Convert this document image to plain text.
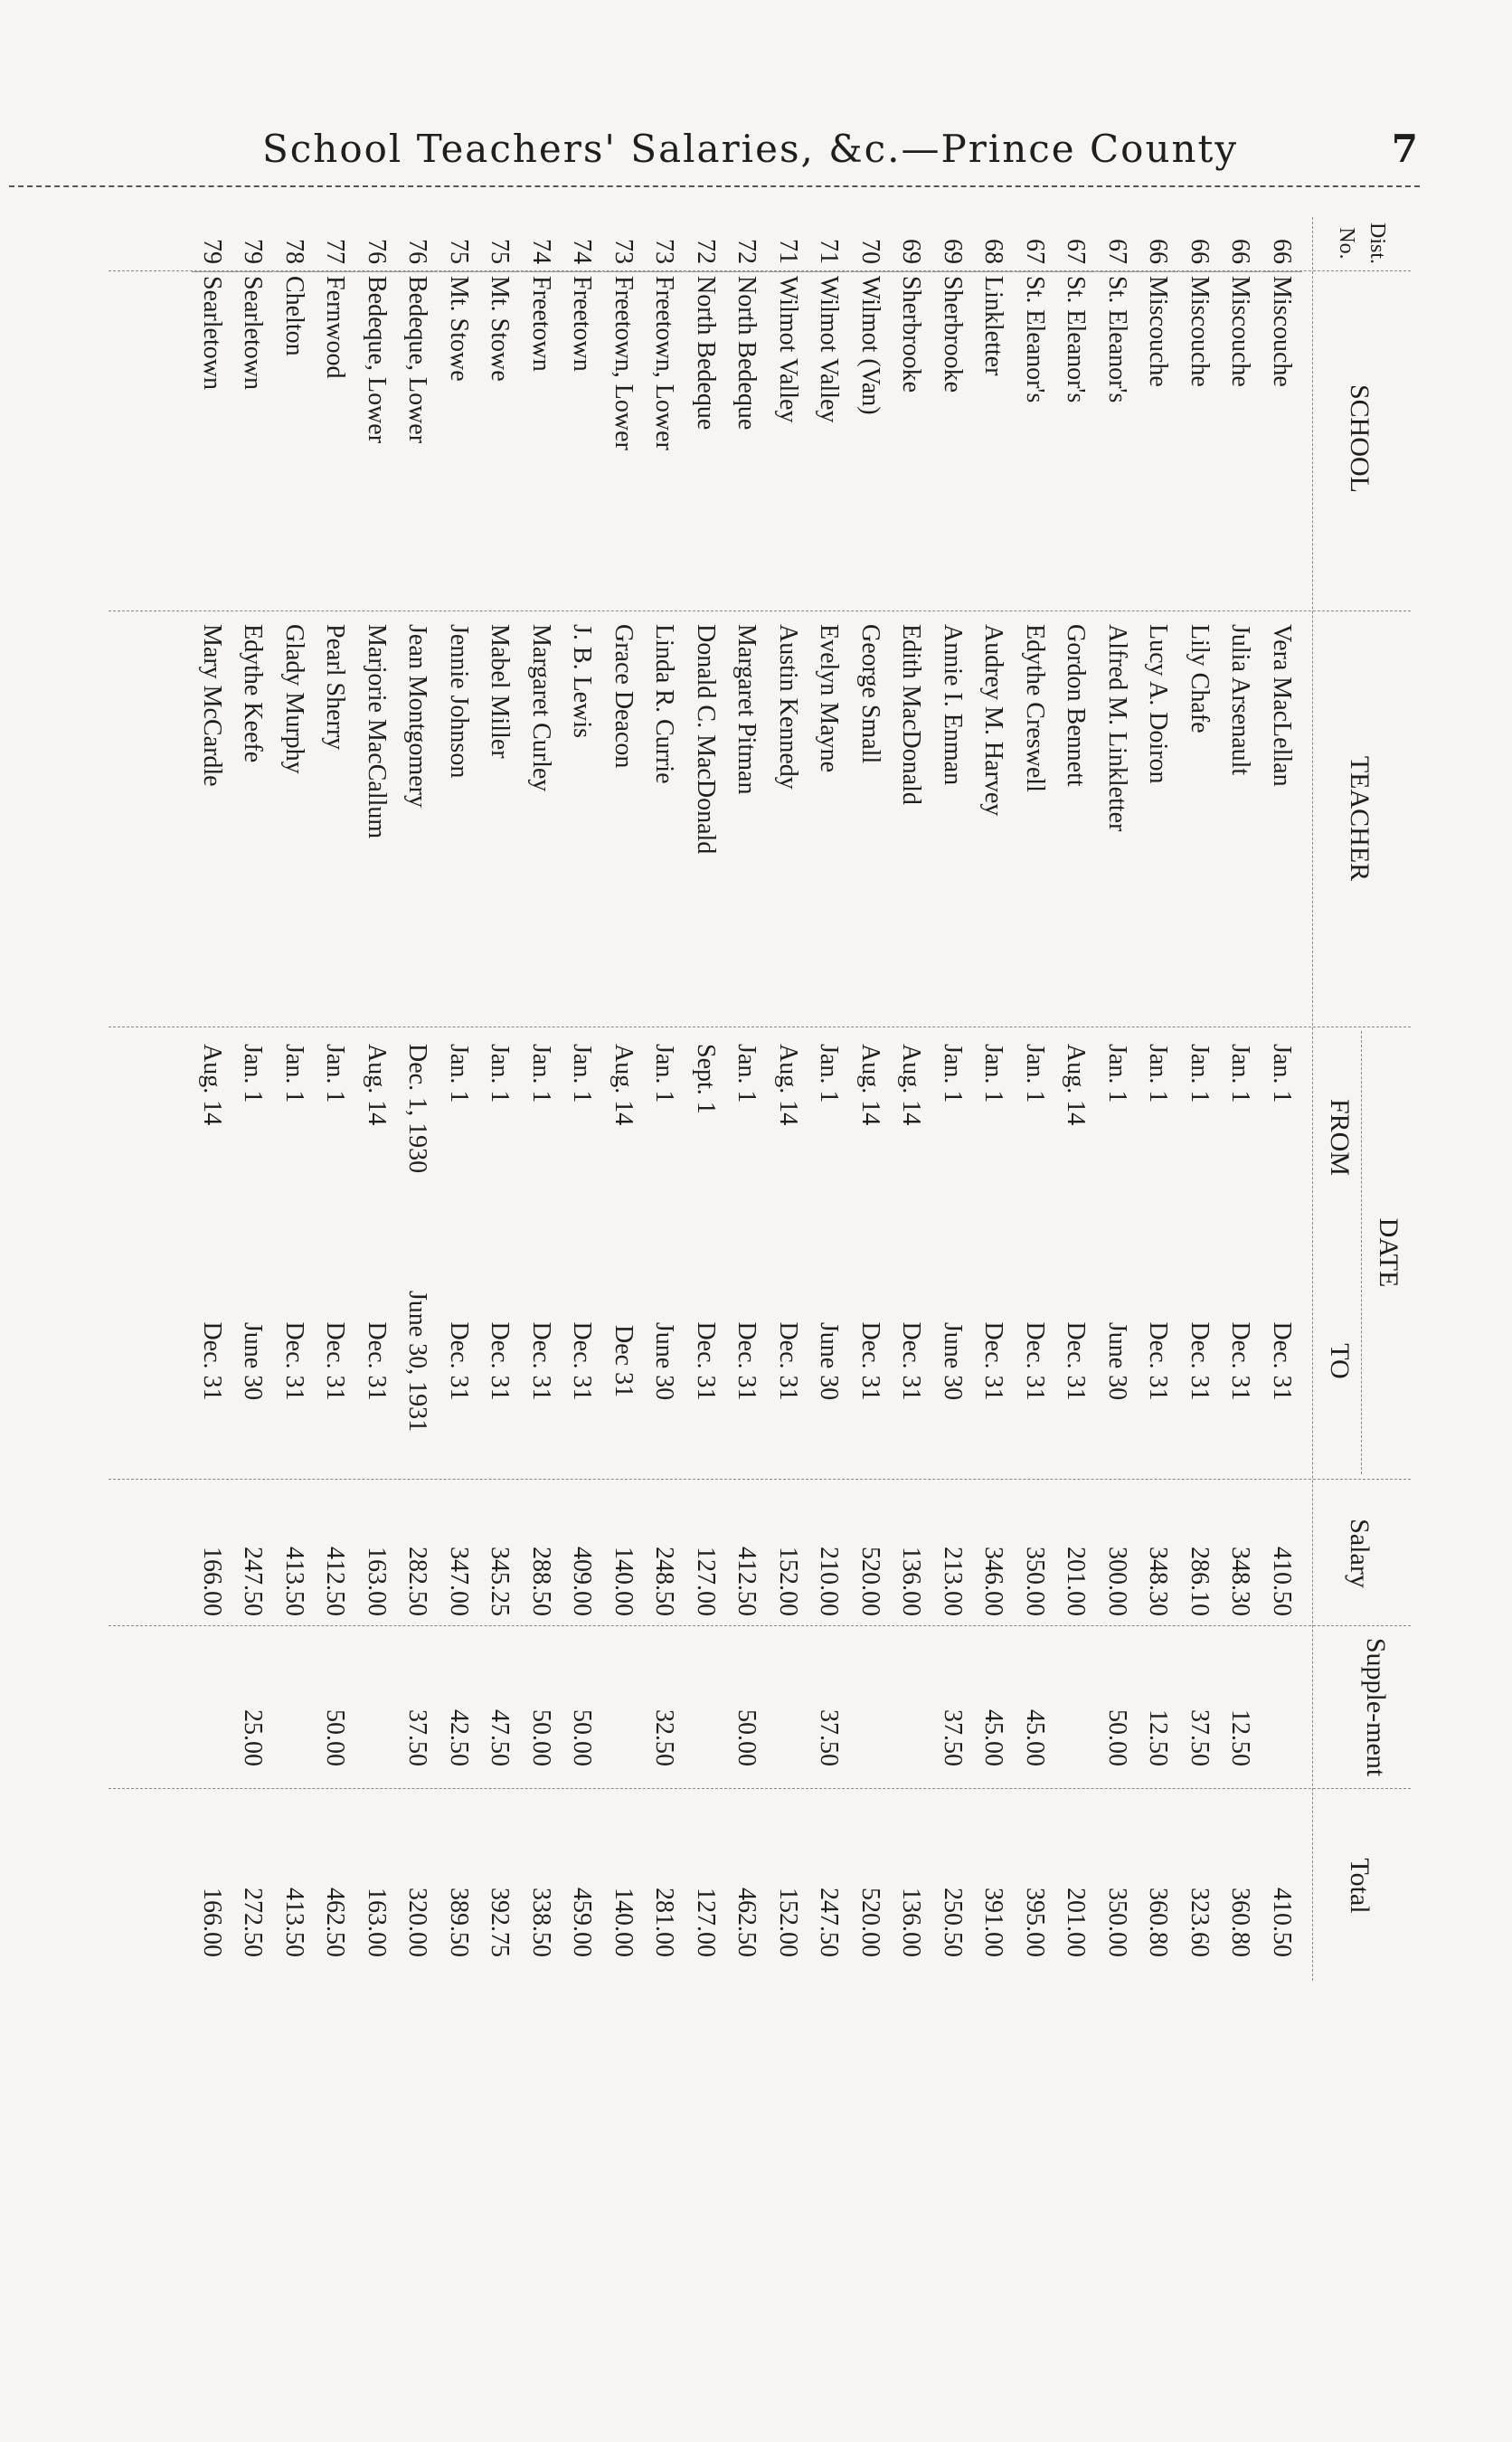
School Teachers' Salaries, &c.—Prince County	7
Dist. No.
SCHOOL
TEACHER
DATE
FROM
TO
Salary
Supple-ment
Total
66
Miscouche
Vera MacLellan
Jan. 1
Dec. 31
410.50
410.50
66
Miscouche
Julia Arsenault
Jan. 1
Dec. 31
348.30
12.50
360.80
66
Miscouche
Lily Chafe
Jan. 1
Dec. 31
286.10
37.50
323.60
66
Miscouche
Lucy A. Doiron
Jan. 1
Dec. 31
348.30
12.50
360.80
67
St. Eleanor's
Alfred M. Linkletter
Jan. 1
June 30
300.00
50.00
350.00
67
St. Eleanor's
Gordon Bennett
Aug. 14
Dec. 31
201.00
201.00
67
St. Eleanor's
Edythe Creswell
Jan. 1
Dec. 31
350.00
45.00
395.00
68
Linkletter
Audrey M. Harvey
Jan. 1
Dec. 31
346.00
45.00
391.00
69
Sherbrooke
Annie I. Enman
Jan. 1
June 30
213.00
37.50
250.50
69
Sherbrooke
Edith MacDonald
Aug. 14
Dec. 31
136.00
136.00
70
Wilmot (Van)
George Small
Aug. 14
Dec. 31
520.00
520.00
71
Wilmot Valley
Evelyn Mayne
Jan. 1
June 30
210.00
37.50
247.50
71
Wilmot Valley
Austin Kennedy
Aug. 14
Dec. 31
152.00
152.00
72
North Bedeque
Margaret Pitman
Jan. 1
Dec. 31
412.50
50.00
462.50
72
North Bedeque
Donald C. MacDonald
Sept. 1
Dec. 31
127.00
127.00
73
Freetown, Lower
Linda R. Currie
Jan. 1
June 30
248.50
32.50
281.00
73
Freetown, Lower
Grace Deacon
Aug. 14
Dec 31
140.00
140.00
74
Freetown
J. B. Lewis
Jan. 1
Dec. 31
409.00
50.00
459.00
74
Freetown
Margaret Curley
Jan. 1
Dec. 31
288.50
50.00
338.50
75
Mt. Stowe
Mabel Miller
Jan. 1
Dec. 31
345.25
47.50
392.75
75
Mt. Stowe
Jennie Johnson
Jan. 1
Dec. 31
347.00
42.50
389.50
76
Bedeque, Lower
Jean Montgomery
Dec. 1, 1930
June 30, 1931
282.50
37.50
320.00
76
Bedeque, Lower
Marjorie MacCallum
Aug. 14
Dec. 31
163.00
163.00
77
Fernwood
Pearl Sherry
Jan. 1
Dec. 31
412.50
50.00
462.50
78
Chelton
Glady Murphy
Jan. 1
Dec. 31
413.50
413.50
79
Searletown
Edythe Keefe
Jan. 1
June 30
247.50
25.00
272.50
79
Searletown
Mary McCardle
Aug. 14
Dec. 31
166.00
166.00
